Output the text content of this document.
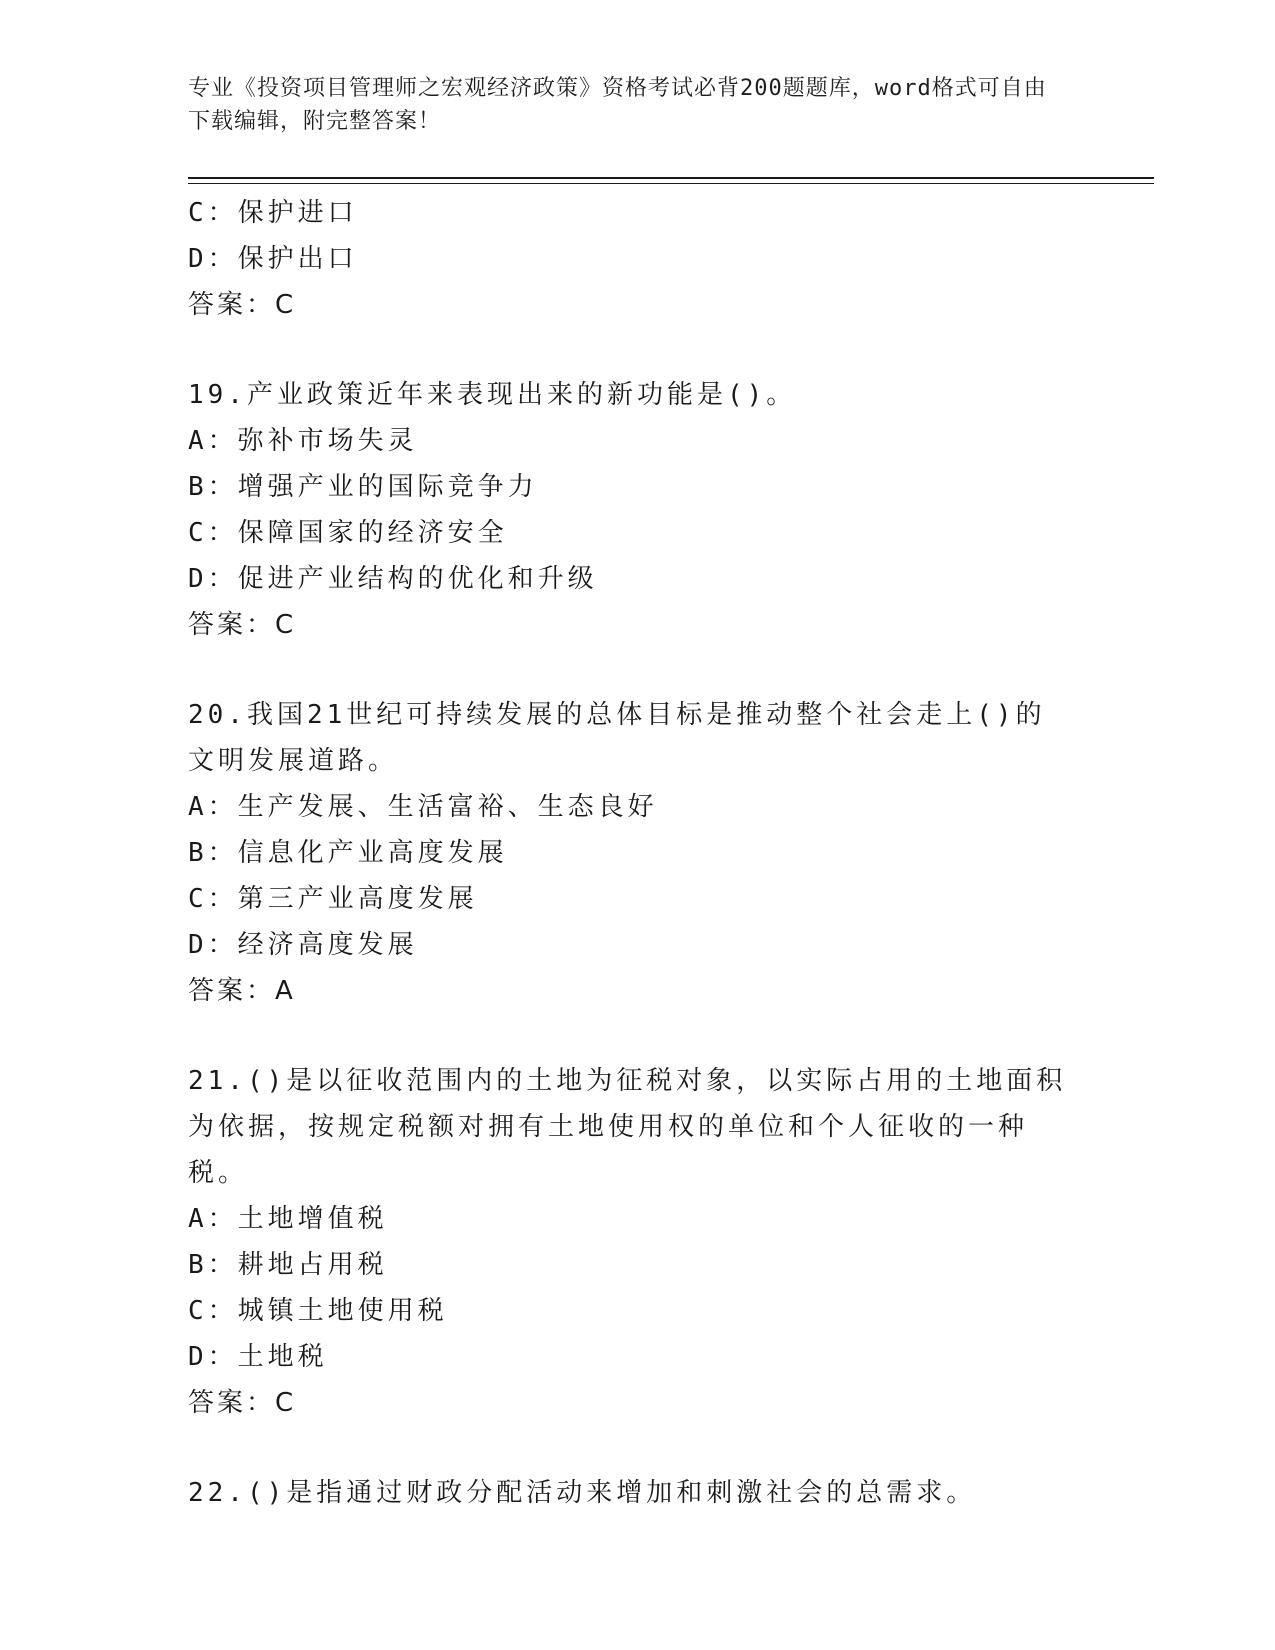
专业《投资项目管理师之宏观经济政策》资格考试必背200题题库，word格式可自由下载编辑，附完整答案！
C：保护进口
D：保护出口
答案：C
19.产业政策近年来表现出来的新功能是()。
A：弥补市场失灵
B：增强产业的国际竞争力
C：保障国家的经济安全
D：促进产业结构的优化和升级
答案：C
20.我国21世纪可持续发展的总体目标是推动整个社会走上()的文明发展道路。
A：生产发展、生活富裕、生态良好
B：信息化产业高度发展
C：第三产业高度发展
D：经济高度发展
答案：A
21.()是以征收范围内的土地为征税对象，以实际占用的土地面积为依据，按规定税额对拥有土地使用权的单位和个人征收的一种税。
A：土地增值税
B：耕地占用税
C：城镇土地使用税
D：土地税
答案：C
22.()是指通过财政分配活动来增加和刺激社会的总需求。
